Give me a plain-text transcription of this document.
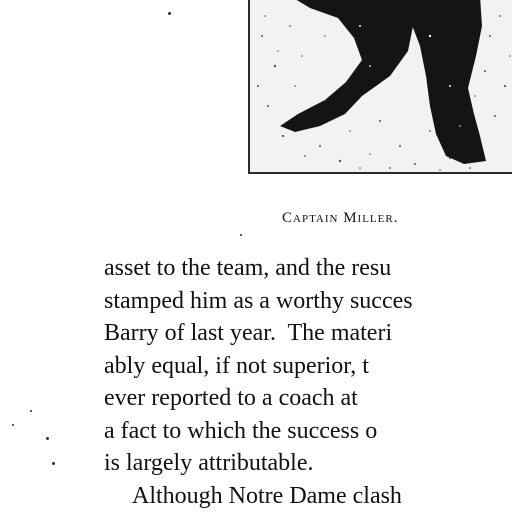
Captain Miller.
asset to the team, and the resu
stamped him as a worthy succes
Barry of last year.  The materi
ably equal, if not superior, t
ever reported to a coach at
a fact to which the success o
is largely attributable.
Although Notre Dame clash
